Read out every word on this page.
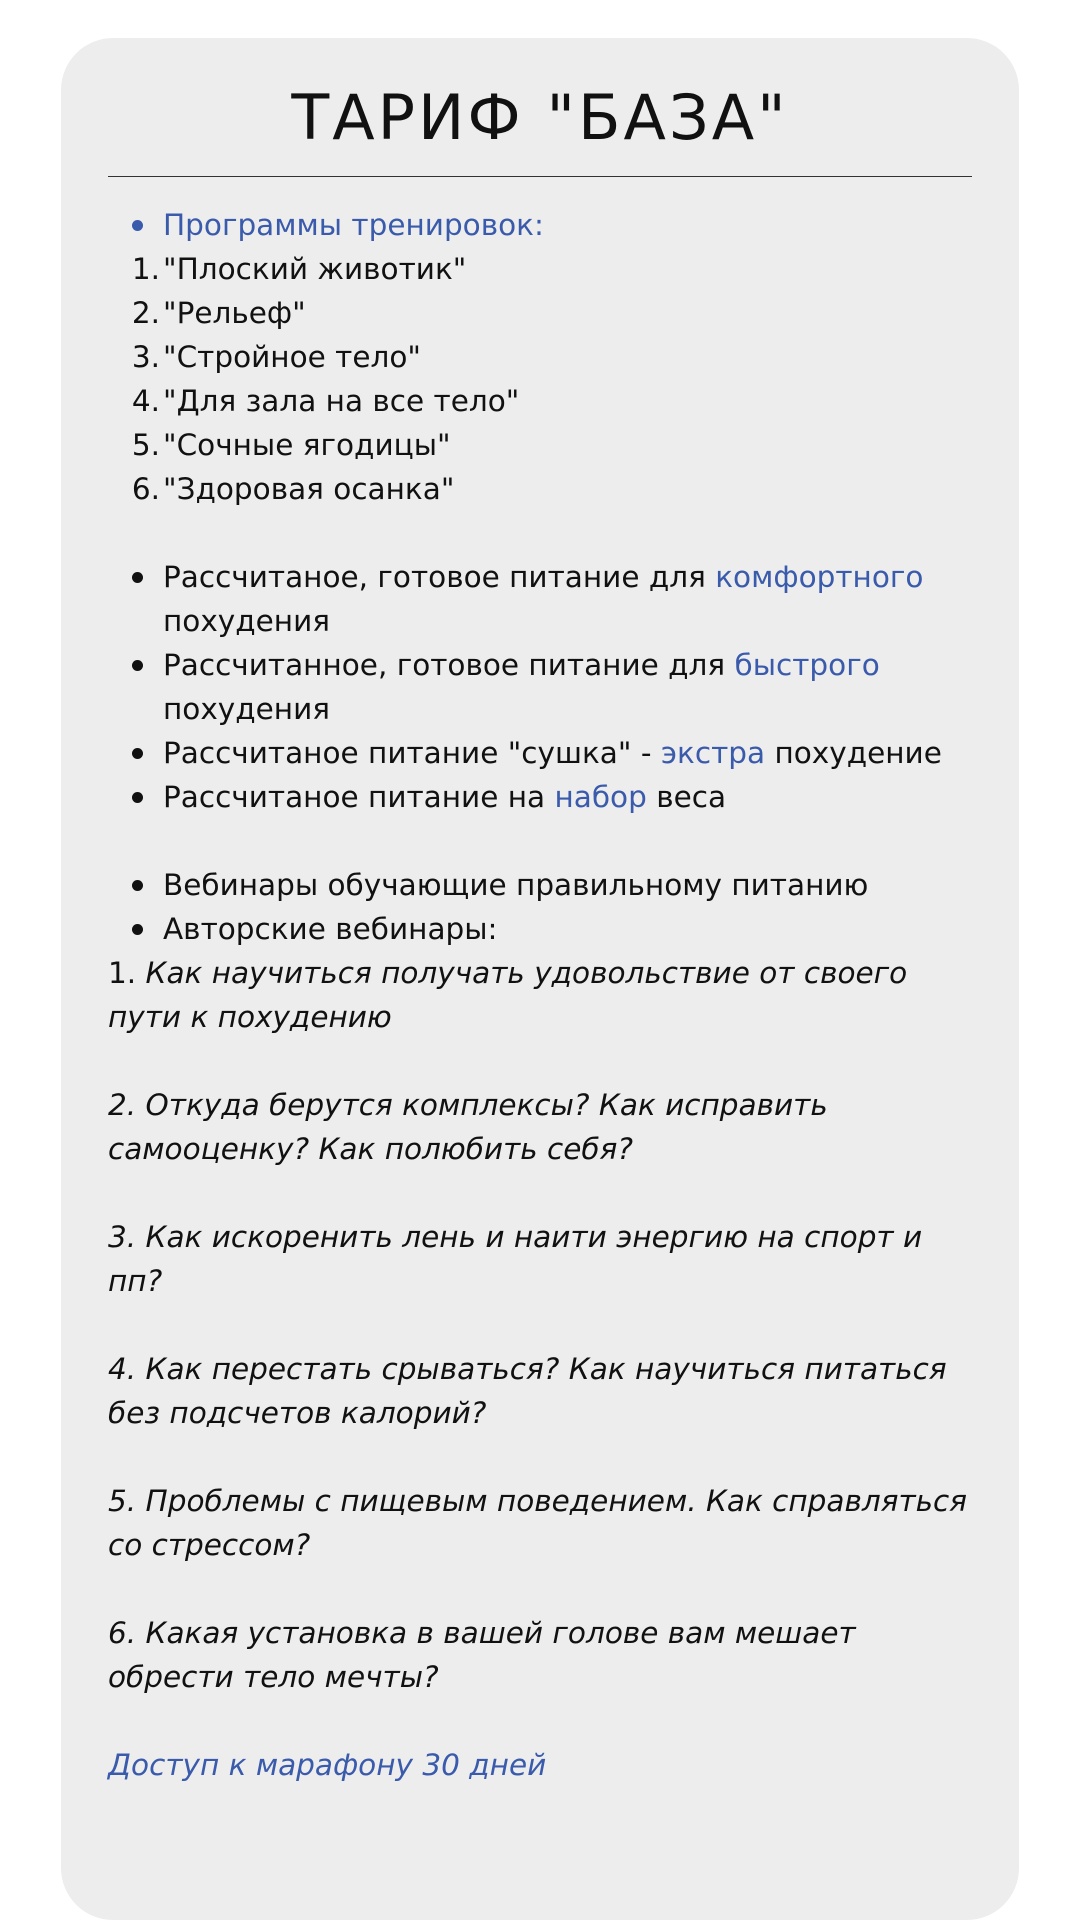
ТАРИФ "БАЗА"
Программы тренировок:
1. "Плоский животик"
2. "Рельеф"
3. "Стройное тело"
4. "Для зала на все тело"
5. "Сочные ягодицы"
6. "Здоровая осанка"
Рассчитаное, готовое питание для комфортного похудения
Рассчитанное, готовое питание для быстрого похудения
Рассчитаное питание "сушка" - экстра похудение
Рассчитаное питание на набор веса
Вебинары обучающие правильному питанию
Авторские вебинары:
1. Как научиться получать удовольствие от своего пути к похудению
2. Откуда берутся комплексы? Как исправить самооценку? Как полюбить себя?
3. Как искоренить лень и наити энергию на спорт и пп?
4. Как перестать срываться? Как научиться питаться без подсчетов калорий?
5. Проблемы с пищевым поведением. Как справляться со стрессом?
6. Какая установка в вашей голове вам мешает обрести тело мечты?
Доступ к марафону 30 дней
